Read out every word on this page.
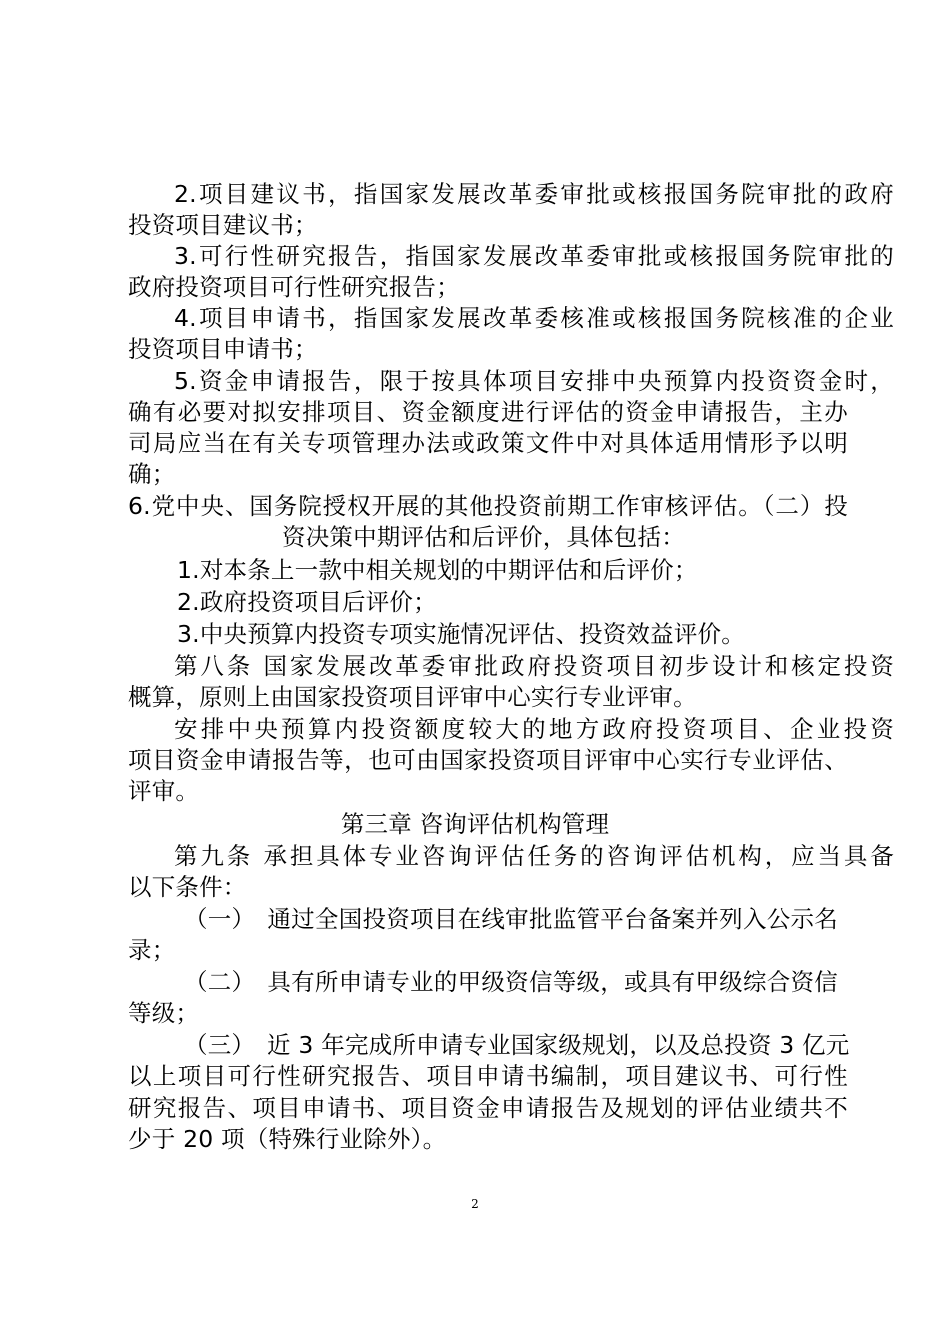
2.项目建议书，指国家发展改革委审批或核报国务院审批的政府

投资项目建议书；

3.可行性研究报告，指国家发展改革委审批或核报国务院审批的

政府投资项目可行性研究报告；

4.项目申请书，指国家发展改革委核准或核报国务院核准的企业

投资项目申请书；

5.资金申请报告，限于按具体项目安排中央预算内投资资金时，

确有必要对拟安排项目、资金额度进行评估的资金申请报告，主办

司局应当在有关专项管理办法或政策文件中对具体适用情形予以明

确；

6.党中央、国务院授权开展的其他投资前期工作审核评估。（二）投

资决策中期评估和后评价，具体包括：

1.对本条上一款中相关规划的中期评估和后评价；

2.政府投资项目后评价；

3.中央预算内投资专项实施情况评估、投资效益评价。

第八条 国家发展改革委审批政府投资项目初步设计和核定投资

概算，原则上由国家投资项目评审中心实行专业评审。

安排中央预算内投资额度较大的地方政府投资项目、企业投资

项目资金申请报告等，也可由国家投资项目评审中心实行专业评估、

评审。

第三章 咨询评估机构管理

第九条 承担具体专业咨询评估任务的咨询评估机构，应当具备

以下条件：

（一）　通过全国投资项目在线审批监管平台备案并列入公示名

录；

（二）　具有所申请专业的甲级资信等级，或具有甲级综合资信

等级；

（三）　近 3 年完成所申请专业国家级规划，以及总投资 3 亿元

以上项目可行性研究报告、项目申请书编制，项目建议书、可行性

研究报告、项目申请书、项目资金申请报告及规划的评估业绩共不

少于 20 项（特殊行业除外）。

2
